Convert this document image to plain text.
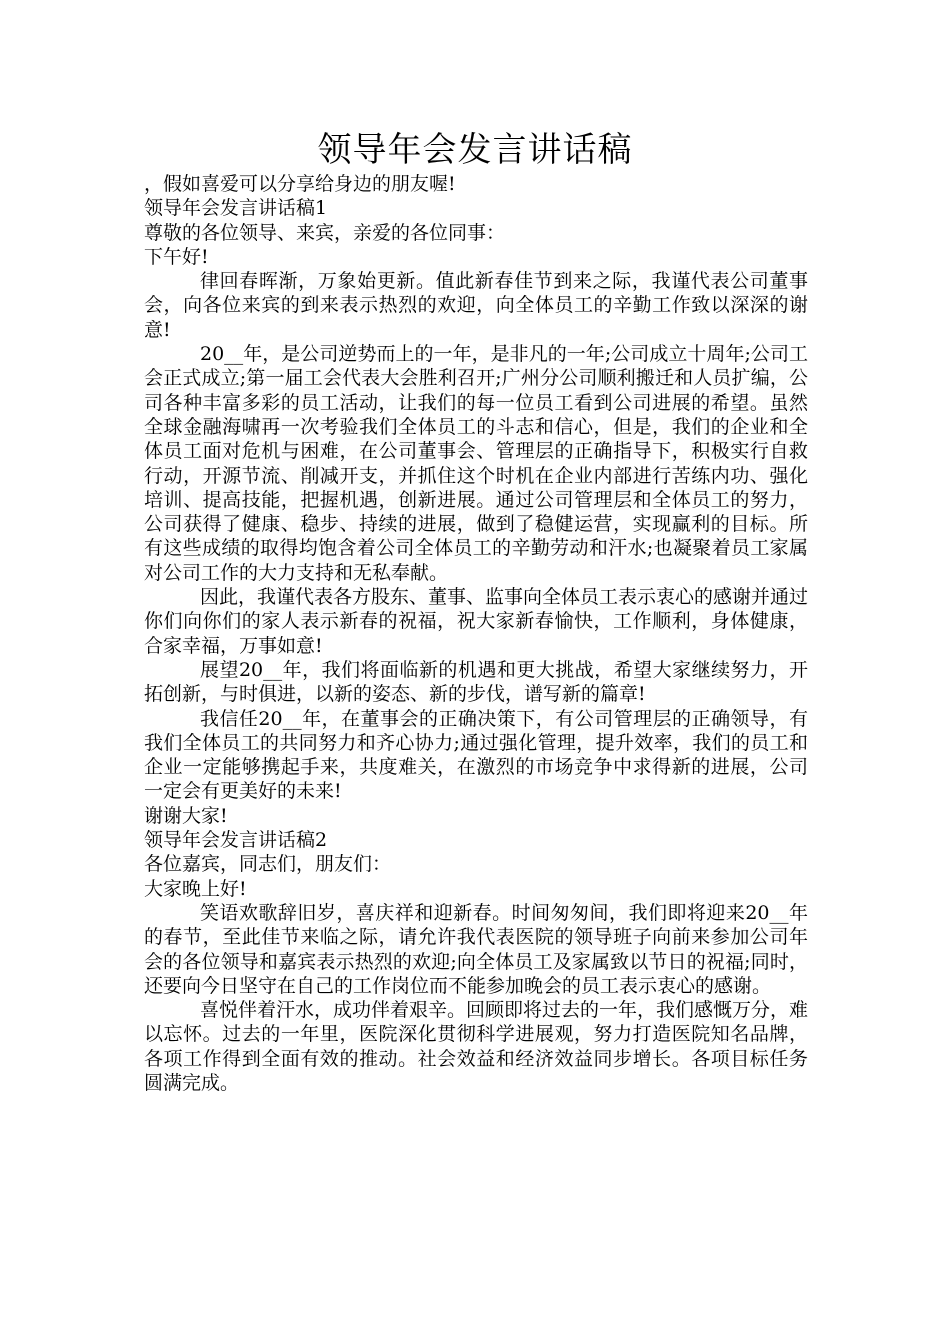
领导年会发言讲话稿

，假如喜爱可以分享给身边的朋友喔!

领导年会发言讲话稿1

尊敬的各位领导、来宾，亲爱的各位同事：

下午好!

律回春晖渐，万象始更新。值此新春佳节到来之际，我谨代表公司董事会，向各位来宾的到来表示热烈的欢迎，向全体员工的辛勤工作致以深深的谢意!

20__年，是公司逆势而上的一年，是非凡的一年;公司成立十周年;公司工会正式成立;第一届工会代表大会胜利召开;广州分公司顺利搬迁和人员扩编，公司各种丰富多彩的员工活动，让我们的每一位员工看到公司进展的希望。虽然全球金融海啸再一次考验我们全体员工的斗志和信心，但是，我们的企业和全体员工面对危机与困难，在公司董事会、管理层的正确指导下，积极实行自救行动，开源节流、削减开支，并抓住这个时机在企业内部进行苦练内功、强化培训、提高技能，把握机遇，创新进展。通过公司管理层和全体员工的努力，公司获得了健康、稳步、持续的进展，做到了稳健运营，实现赢利的目标。所有这些成绩的取得均饱含着公司全体员工的辛勤劳动和汗水;也凝聚着员工家属对公司工作的大力支持和无私奉献。

因此，我谨代表各方股东、董事、监事向全体员工表示衷心的感谢并通过你们向你们的家人表示新春的祝福，祝大家新春愉快，工作顺利，身体健康，合家幸福，万事如意!

展望20__年，我们将面临新的机遇和更大挑战，希望大家继续努力，开拓创新，与时俱进，以新的姿态、新的步伐，谱写新的篇章!

我信任20__年，在董事会的正确决策下，有公司管理层的正确领导，有我们全体员工的共同努力和齐心协力;通过强化管理，提升效率，我们的员工和企业一定能够携起手来，共度难关，在激烈的市场竞争中求得新的进展，公司一定会有更美好的未来!

谢谢大家!

领导年会发言讲话稿2

各位嘉宾，同志们，朋友们：

大家晚上好!

笑语欢歌辞旧岁，喜庆祥和迎新春。时间匆匆间，我们即将迎来20__年的春节，至此佳节来临之际，请允许我代表医院的领导班子向前来参加公司年会的各位领导和嘉宾表示热烈的欢迎;向全体员工及家属致以节日的祝福;同时，还要向今日坚守在自己的工作岗位而不能参加晚会的员工表示衷心的感谢。

喜悦伴着汗水，成功伴着艰辛。回顾即将过去的一年，我们感慨万分，难以忘怀。过去的一年里，医院深化贯彻科学进展观，努力打造医院知名品牌，各项工作得到全面有效的推动。社会效益和经济效益同步增长。各项目标任务圆满完成。
